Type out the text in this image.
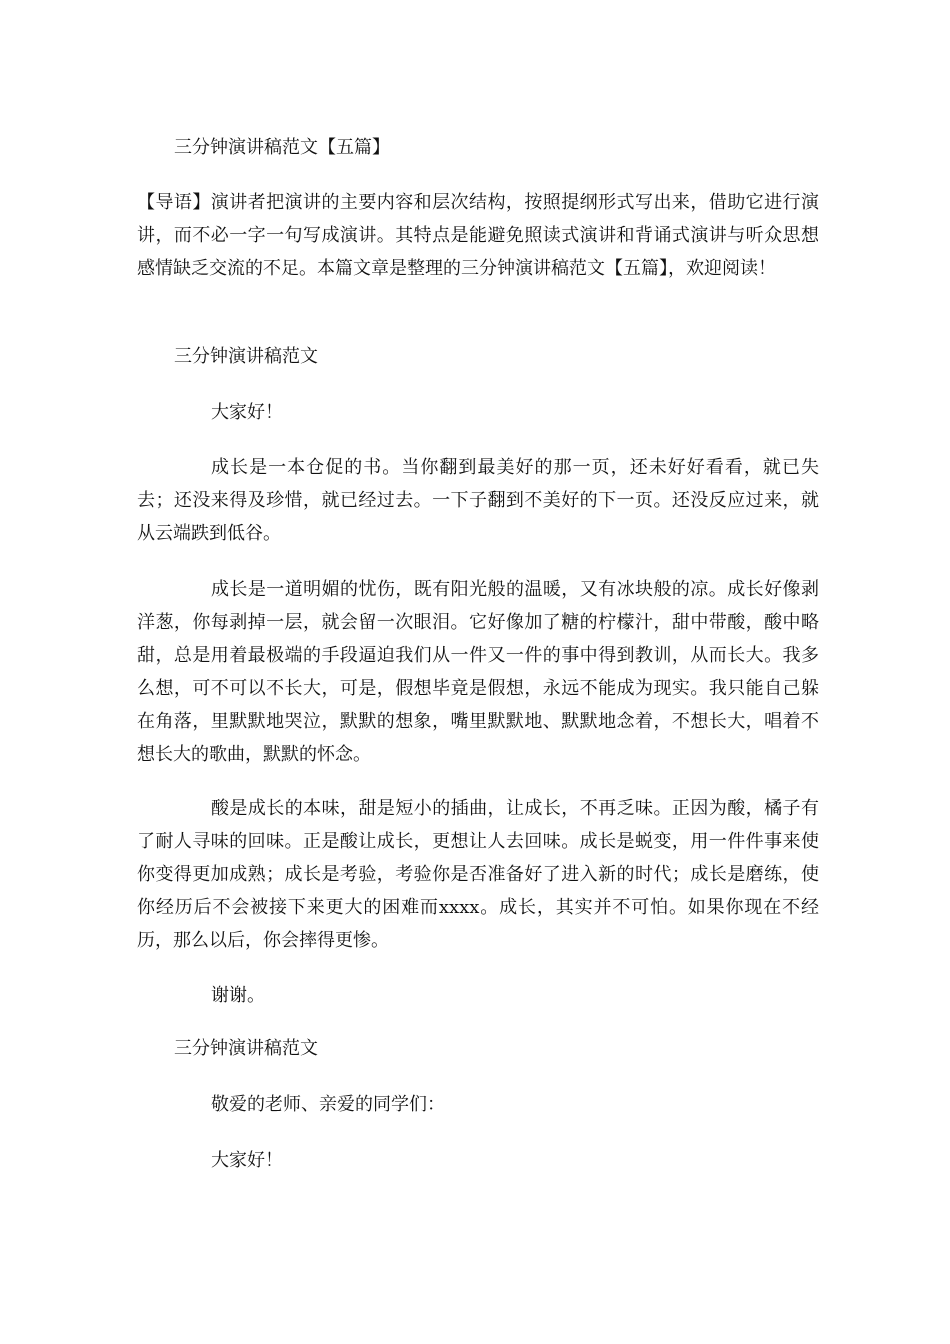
三分钟演讲稿范文【五篇】
【导语】演讲者把演讲的主要内容和层次结构，按照提纲形式写出来，借助它进行演讲，而不必一字一句写成演讲。其特点是能避免照读式演讲和背诵式演讲与听众思想感情缺乏交流的不足。本篇文章是整理的三分钟演讲稿范文【五篇】，欢迎阅读！
三分钟演讲稿范文
大家好！
成长是一本仓促的书。当你翻到最美好的那一页，还未好好看看，就已失去；还没来得及珍惜，就已经过去。一下子翻到不美好的下一页。还没反应过来，就从云端跌到低谷。
成长是一道明媚的忧伤，既有阳光般的温暖，又有冰块般的凉。成长好像剥洋葱，你每剥掉一层，就会留一次眼泪。它好像加了糖的柠檬汁，甜中带酸，酸中略甜，总是用着最极端的手段逼迫我们从一件又一件的事中得到教训，从而长大。我多么想，可不可以不长大，可是，假想毕竟是假想，永远不能成为现实。我只能自己躲在角落，里默默地哭泣，默默的想象，嘴里默默地、默默地念着，不想长大，唱着不想长大的歌曲，默默的怀念。
酸是成长的本味，甜是短小的插曲，让成长，不再乏味。正因为酸，橘子有了耐人寻味的回味。正是酸让成长，更想让人去回味。成长是蜕变，用一件件事来使你变得更加成熟；成长是考验，考验你是否准备好了进入新的时代；成长是磨练，使你经历后不会被接下来更大的困难而xxxx。成长，其实并不可怕。如果你现在不经历，那么以后，你会摔得更惨。
谢谢。
三分钟演讲稿范文
敬爱的老师、亲爱的同学们：
大家好！
